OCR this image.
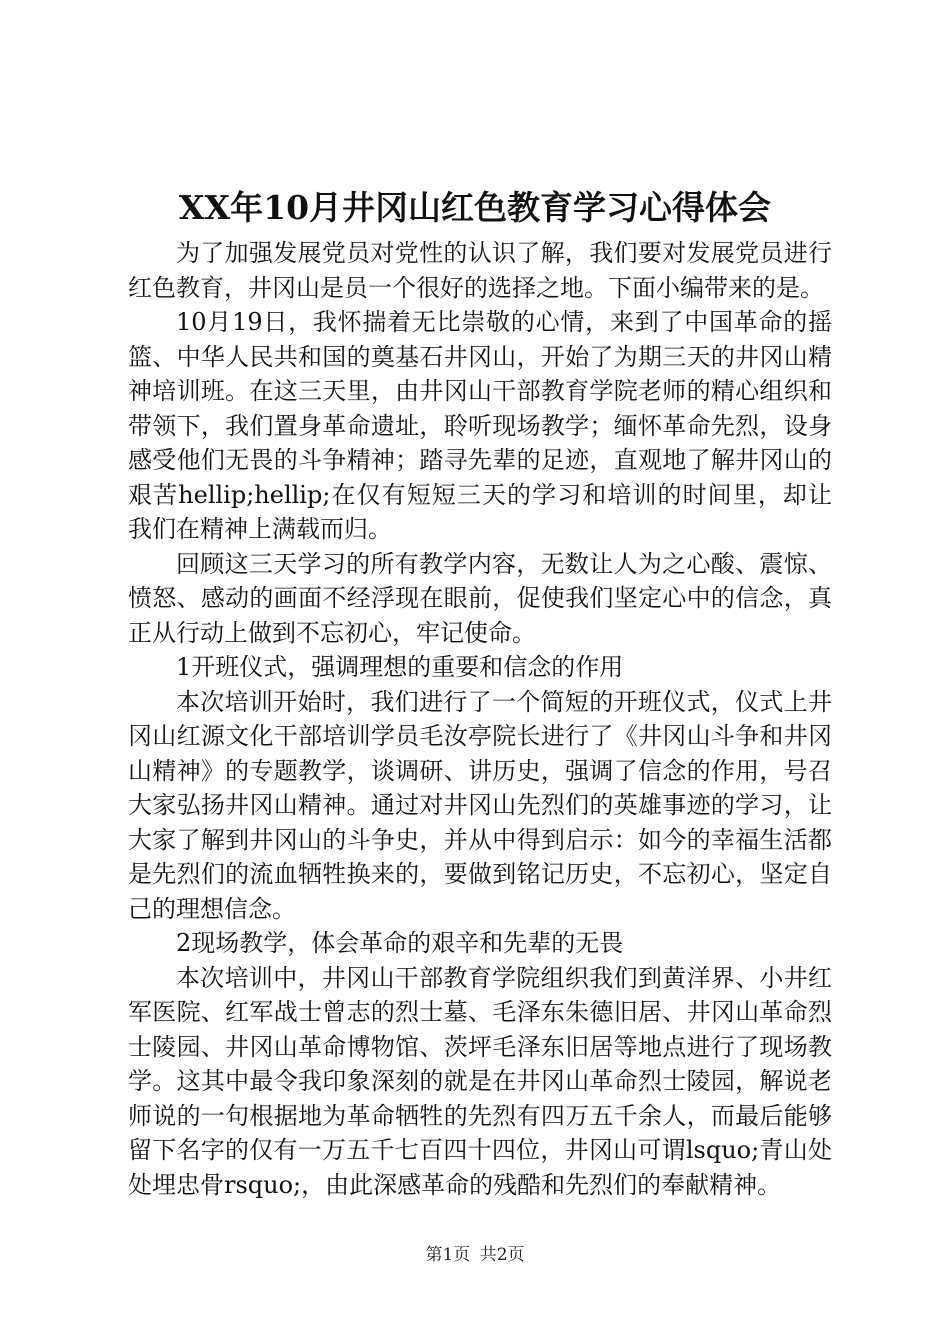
XX年10月井冈山红色教育学习心得体会

为了加强发展党员对党性的认识了解，我们要对发展党员进行红色教育，井冈山是员一个很好的选择之地。下面小编带来的是。

10月19日，我怀揣着无比崇敬的心情，来到了中国革命的摇篮、中华人民共和国的奠基石井冈山，开始了为期三天的井冈山精神培训班。在这三天里，由井冈山干部教育学院老师的精心组织和带领下，我们置身革命遗址，聆听现场教学；缅怀革命先烈，设身感受他们无畏的斗争精神；踏寻先辈的足迹，直观地了解井冈山的艰苦hellip;hellip;在仅有短短三天的学习和培训的时间里，却让我们在精神上满载而归。

回顾这三天学习的所有教学内容，无数让人为之心酸、震惊、愤怒、感动的画面不经浮现在眼前，促使我们坚定心中的信念，真正从行动上做到不忘初心，牢记使命。

1开班仪式，强调理想的重要和信念的作用

本次培训开始时，我们进行了一个简短的开班仪式，仪式上井冈山红源文化干部培训学员毛汝亭院长进行了《井冈山斗争和井冈山精神》的专题教学，谈调研、讲历史，强调了信念的作用，号召大家弘扬井冈山精神。通过对井冈山先烈们的英雄事迹的学习，让大家了解到井冈山的斗争史，并从中得到启示：如今的幸福生活都是先烈们的流血牺牲换来的，要做到铭记历史，不忘初心，坚定自己的理想信念。

2现场教学，体会革命的艰辛和先辈的无畏

本次培训中，井冈山干部教育学院组织我们到黄洋界、小井红军医院、红军战士曾志的烈士墓、毛泽东朱德旧居、井冈山革命烈士陵园、井冈山革命博物馆、茨坪毛泽东旧居等地点进行了现场教学。这其中最令我印象深刻的就是在井冈山革命烈士陵园，解说老师说的一句根据地为革命牺牲的先烈有四万五千余人，而最后能够留下名字的仅有一万五千七百四十四位，井冈山可谓lsquo;青山处处埋忠骨rsquo;，由此深感革命的残酷和先烈们的奉献精神。

第1页 共2页
